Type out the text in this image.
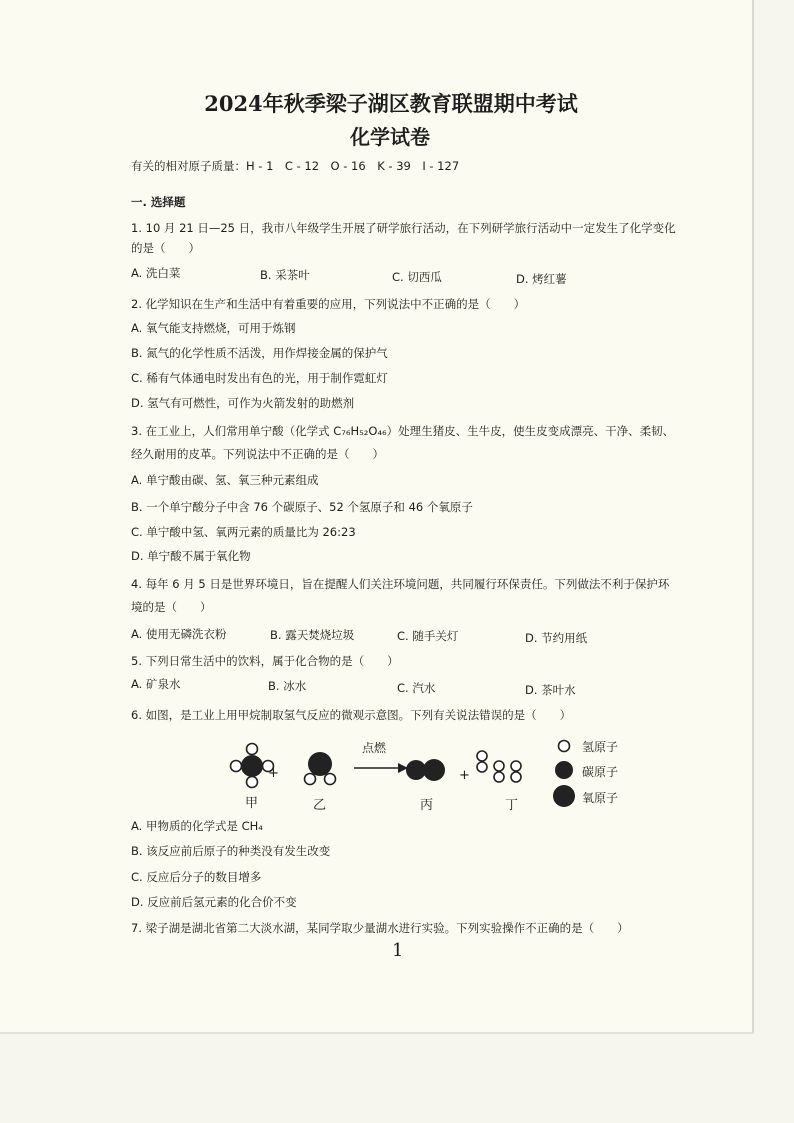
2024年秋季梁子湖区教育联盟期中考试
化学试卷
有关的相对原子质量：H - 1　C - 12　O - 16　K - 39　I - 127
一. 选择题
1. 10 月 21 日—25 日，我市八年级学生开展了研学旅行活动，在下列研学旅行活动中一定发生了化学变化
的是（　　）
A. 洗白菜	B. 采茶叶	C. 切西瓜	D. 烤红薯
2. 化学知识在生产和生活中有着重要的应用，下列说法中不正确的是（　　）
A. 氧气能支持燃烧，可用于炼钢
B. 氮气的化学性质不活泼，用作焊接金属的保护气
C. 稀有气体通电时发出有色的光，用于制作霓虹灯
D. 氢气有可燃性，可作为火箭发射的助燃剂
3. 在工业上，人们常用单宁酸（化学式 C₇₆H₅₂O₄₆）处理生猪皮、生牛皮，使生皮变成漂亮、干净、柔韧、
经久耐用的皮革。下列说法中不正确的是（　　）
A. 单宁酸由碳、氢、氧三种元素组成
B. 一个单宁酸分子中含 76 个碳原子、52 个氢原子和 46 个氧原子
C. 单宁酸中氢、氧两元素的质量比为 26:23
D. 单宁酸不属于氧化物
4. 每年 6 月 5 日是世界环境日，旨在提醒人们关注环境问题，共同履行环保责任。下列做法不利于保护环
境的是（　　）
A. 使用无磷洗衣粉	B. 露天焚烧垃圾	C. 随手关灯	D. 节约用纸
5. 下列日常生活中的饮料，属于化合物的是（　　）
A. 矿泉水	B. 冰水	C. 汽水	D. 茶叶水
6. 如图，是工业上用甲烷制取氢气反应的微观示意图。下列有关说法错误的是（　　）
+	+
点燃
甲	乙	丙	丁
氢原子
碳原子
氧原子
A. 甲物质的化学式是 CH₄
B. 该反应前后原子的种类没有发生改变
C. 反应后分子的数目增多
D. 反应前后氢元素的化合价不变
7. 梁子湖是湖北省第二大淡水湖，某同学取少量湖水进行实验。下列实验操作不正确的是（　　）
1
